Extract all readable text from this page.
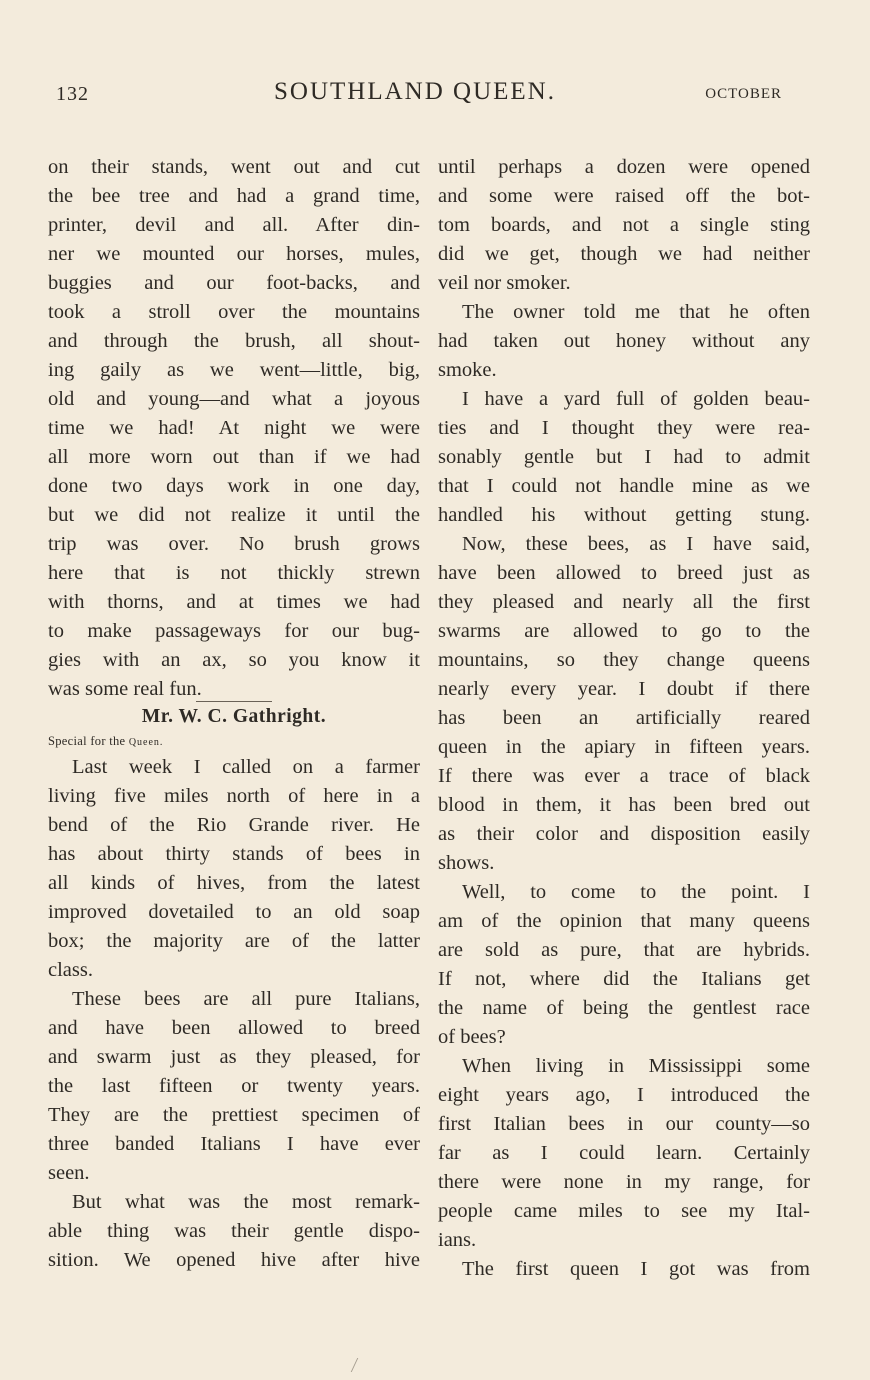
132	SOUTHLAND QUEEN.	OCTOBER
on their stands, went out and cut
the bee tree and had a grand time,
printer, devil and all. After din-
ner we mounted our horses, mules,
buggies and our foot-backs, and
took a stroll over the mountains
and through the brush, all shout-
ing gaily as we went—little, big,
old and young—and what a joyous
time we had! At night we were
all more worn out than if we had
done two days work in one day,
but we did not realize it until the
trip was over. No brush grows
here that is not thickly strewn
with thorns, and at times we had
to make passageways for our bug-
gies with an ax, so you know it
was some real fun.
Mr. W. C. Gathright.
Special for the Queen.
Last week I called on a farmer
living five miles north of here in a
bend of the Rio Grande river. He
has about thirty stands of bees in
all kinds of hives, from the latest
improved dovetailed to an old soap
box; the majority are of the latter
class.
These bees are all pure Italians,
and have been allowed to breed
and swarm just as they pleased, for
the last fifteen or twenty years.
They are the prettiest specimen of
three banded Italians I have ever
seen.
But what was the most remark-
able thing was their gentle dispo-
sition. We opened hive after hive
until perhaps a dozen were opened
and some were raised off the bot-
tom boards, and not a single sting
did we get, though we had neither
veil nor smoker.
The owner told me that he often
had taken out honey without any
smoke.
I have a yard full of golden beau-
ties and I thought they were rea-
sonably gentle but I had to admit
that I could not handle mine as we
handled his without getting stung.
Now, these bees, as I have said,
have been allowed to breed just as
they pleased and nearly all the first
swarms are allowed to go to the
mountains, so they change queens
nearly every year. I doubt if there
has been an artificially reared
queen in the apiary in fifteen years.
If there was ever a trace of black
blood in them, it has been bred out
as their color and disposition easily
shows.
Well, to come to the point. I
am of the opinion that many queens
are sold as pure, that are hybrids.
If not, where did the Italians get
the name of being the gentlest race
of bees?
When living in Mississippi some
eight years ago, I introduced the
first Italian bees in our county—so
far as I could learn. Certainly
there were none in my range, for
people came miles to see my Ital-
ians.
The first queen I got was from
